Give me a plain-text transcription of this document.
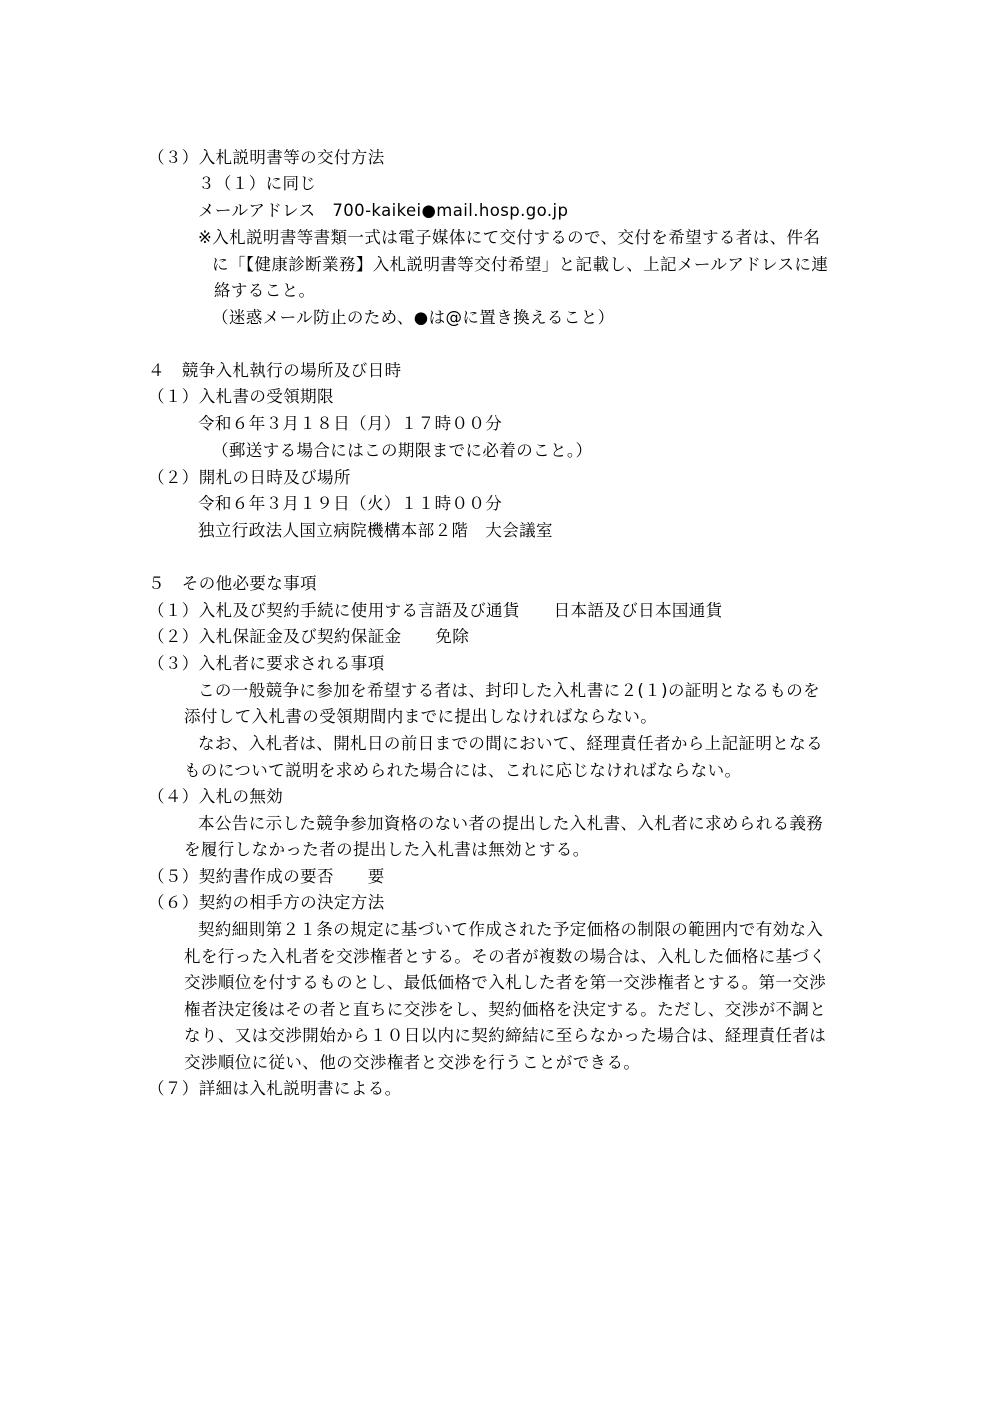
（３）入札説明書等の交付方法
３（１）に同じ
メールアドレス　700-kaikei●mail.hosp.go.jp
※入札説明書等書類一式は電子媒体にて交付するので、交付を希望する者は、件名
に「【健康診断業務】入札説明書等交付希望」と記載し、上記メールアドレスに連
絡すること。
（迷惑メール防止のため、●は@に置き換えること）
４　競争入札執行の場所及び日時
（１）入札書の受領期限
令和６年３月１８日（月）１７時００分
（郵送する場合にはこの期限までに必着のこと。）
（２）開札の日時及び場所
令和６年３月１９日（火）１１時００分
独立行政法人国立病院機構本部２階　大会議室
５　その他必要な事項
（１）入札及び契約手続に使用する言語及び通貨　　日本語及び日本国通貨
（２）入札保証金及び契約保証金　　免除
（３）入札者に要求される事項
この一般競争に参加を希望する者は、封印した入札書に２(１)の証明となるものを
添付して入札書の受領期間内までに提出しなければならない。
なお、入札者は、開札日の前日までの間において、経理責任者から上記証明となる
ものについて説明を求められた場合には、これに応じなければならない。
（４）入札の無効
本公告に示した競争参加資格のない者の提出した入札書、入札者に求められる義務
を履行しなかった者の提出した入札書は無効とする。
（５）契約書作成の要否　　要
（６）契約の相手方の決定方法
契約細則第２１条の規定に基づいて作成された予定価格の制限の範囲内で有効な入
札を行った入札者を交渉権者とする。その者が複数の場合は、入札した価格に基づく
交渉順位を付するものとし、最低価格で入札した者を第一交渉権者とする。第一交渉
権者決定後はその者と直ちに交渉をし、契約価格を決定する。ただし、交渉が不調と
なり、又は交渉開始から１０日以内に契約締結に至らなかった場合は、経理責任者は
交渉順位に従い、他の交渉権者と交渉を行うことができる。
（７）詳細は入札説明書による。
